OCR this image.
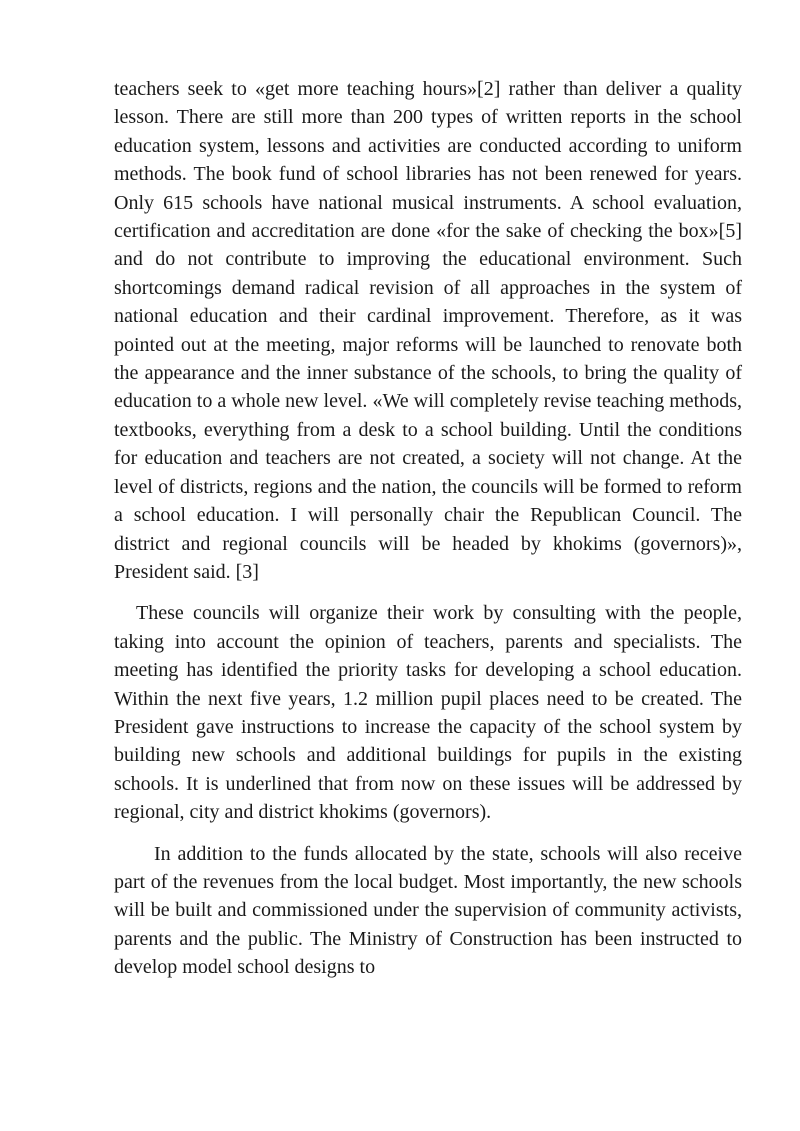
teachers seek to «get more teaching hours»[2] rather than deliver a quality lesson. There are still more than 200 types of written reports in the school education system, lessons and activities are conducted according to uniform methods. The book fund of school libraries has not been renewed for years. Only 615 schools have national musical instruments. A school evaluation, certification and accreditation are done «for the sake of checking the box»[5] and do not contribute to improving the educational environment. Such shortcomings demand radical revision of all approaches in the system of national education and their cardinal improvement. Therefore, as it was pointed out at the meeting, major reforms will be launched to renovate both the appearance and the inner substance of the schools, to bring the quality of education to a whole new level. «We will completely revise teaching methods, textbooks, everything from a desk to a school building. Until the conditions for education and teachers are not created, a society will not change. At the level of districts, regions and the nation, the councils will be formed to reform a school education. I will personally chair the Republican Council. The district and regional councils will be headed by khokims (governors)», President said. [3]

These councils will organize their work by consulting with the people, taking into account the opinion of teachers, parents and specialists. The meeting has identified the priority tasks for developing a school education. Within the next five years, 1.2 million pupil places need to be created. The President gave instructions to increase the capacity of the school system by building new schools and additional buildings for pupils in the existing schools. It is underlined that from now on these issues will be addressed by regional, city and district khokims (governors).

In addition to the funds allocated by the state, schools will also receive part of the revenues from the local budget. Most importantly, the new schools will be built and commissioned under the supervision of community activists, parents and the public. The Ministry of Construction has been instructed to develop model school designs to
